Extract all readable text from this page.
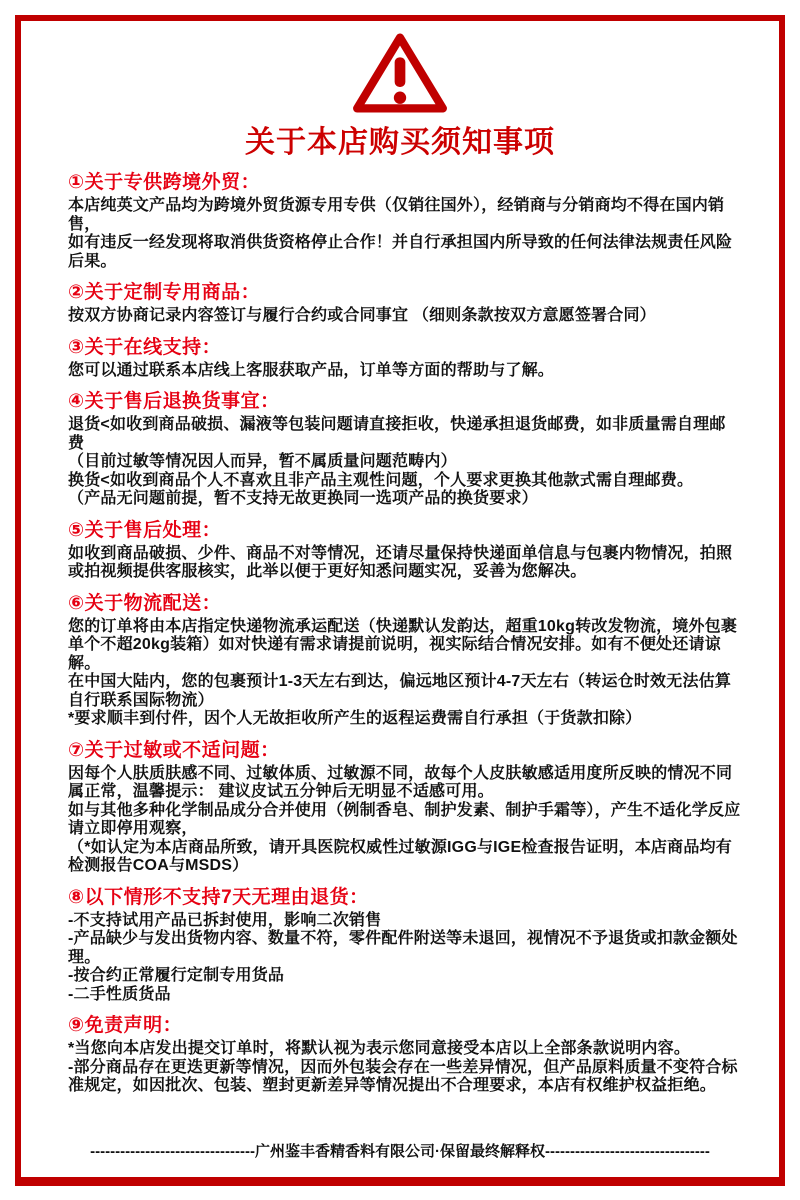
关于本店购买须知事项
①关于专供跨境外贸：

本店纯英文产品均为跨境外贸货源专用专供（仅销往国外），经销商与分销商均不得在国内销售，

如有违反一经发现将取消供货资格停止合作！并自行承担国内所导致的任何法律法规责任风险后果。

②关于定制专用商品：

按双方协商记录内容签订与履行合约或合同事宜 （细则条款按双方意愿签署合同）

③关于在线支持：

您可以通过联系本店线上客服获取产品，订单等方面的帮助与了解。

④关于售后退换货事宜：

退货<如收到商品破损、漏液等包装问题请直接拒收，快递承担退货邮费，如非质量需自理邮费

（目前过敏等情况因人而异，暂不属质量问题范畴内）

换货<如收到商品个人不喜欢且非产品主观性问题，个人要求更换其他款式需自理邮费。

（产品无问题前提，暂不支持无故更换同一选项产品的换货要求）

⑤关于售后处理：

如收到商品破损、少件、商品不对等情况，还请尽量保持快递面单信息与包裹内物情况，拍照或拍视频提供客服核实，此举以便于更好知悉问题实况，妥善为您解决。

⑥关于物流配送：

您的订单将由本店指定快递物流承运配送（快递默认发韵达，超重10kg转改发物流，境外包裹单个不超20kg装箱）如对快递有需求请提前说明，视实际结合情况安排。如有不便处还请谅解。

在中国大陆内，您的包裹预计1-3天左右到达，偏远地区预计4-7天左右（转运仓时效无法估算自行联系国际物流）

*要求顺丰到付件，因个人无故拒收所产生的返程运费需自行承担（于货款扣除）

⑦关于过敏或不适问题：

因每个人肤质肤感不同、过敏体质、过敏源不同，故每个人皮肤敏感适用度所反映的情况不同属正常，温馨提示： 建议皮试五分钟后无明显不适感可用。

如与其他多种化学制品成分合并使用（例制香皂、制护发素、制护手霜等），产生不适化学反应请立即停用观察，

（*如认定为本店商品所致，请开具医院权威性过敏源IGG与IGE检查报告证明，本店商品均有检测报告COA与MSDS）

⑧以下情形不支持7天无理由退货：

-不支持试用产品已拆封使用，影响二次销售

-产品缺少与发出货物内容、数量不符，零件配件附送等未退回，视情况不予退货或扣款金额处理。

-按合约正常履行定制专用货品

-二手性质货品

⑨免责声明：

*当您向本店发出提交订单时，将默认视为表示您同意接受本店以上全部条款说明内容。

-部分商品存在更迭更新等情况，因而外包装会存在一些差异情况，但产品原料质量不变符合标准规定，如因批次、包装、塑封更新差异等情况提出不合理要求，本店有权维护权益拒绝。

---------------------------------广州鉴丰香精香料有限公司·保留最终解释权---------------------------------
